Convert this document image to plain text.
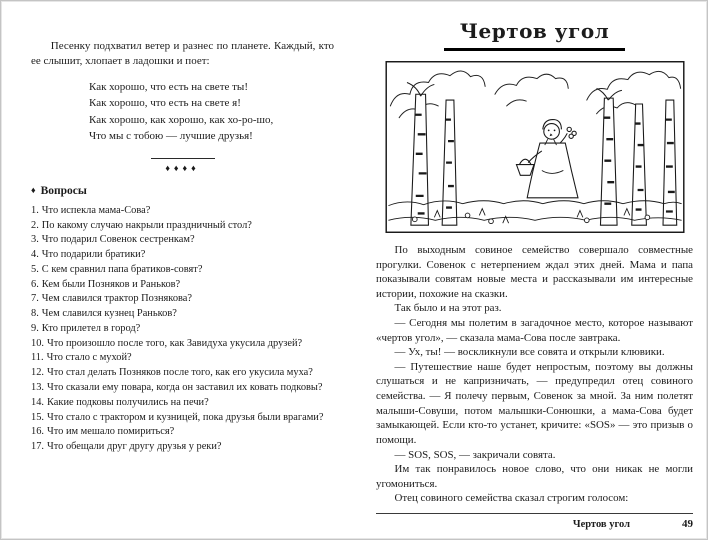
Песенку подхватил ветер и разнес по планете. Каждый, кто ее слышит, хлопает в ладошки и поет:

Как хорошо, что есть на свете ты!
Как хорошо, что есть на свете я!
Как хорошо, как хорошо, как хо-ро-шо,
Что мы с тобою — лучшие друзья!
♦♦♦♦
♦ Вопросы

1. Что испекла мама-Сова?

2. По какому случаю накрыли праздничный стол?

3. Что подарил Совенок сестренкам?

4. Что подарили братики?

5. С кем сравнил папа братиков-совят?

6. Кем были Позняков и Раньков?

7. Чем славился трактор Познякова?

8. Чем славился кузнец Раньков?

9. Кто прилетел в город?

10. Что произошло после того, как Завидуха укусила друзей?

11. Что стало с мухой?

12. Что стал делать Позняков после того, как его укусила муха?

13. Что сказали ему повара, когда он заставил их ковать подковы?

14. Какие подковы получились на печи?

15. Что стало с трактором и кузницей, пока друзья были врагами?

16. Что им мешало помириться?

17. Что обещали друг другу друзья у реки?

Чертов угол

По выходным совиное семейство совершало совместные прогулки. Совенок с нетерпением ждал этих дней. Мама и папа показывали совятам новые места и рассказывали им интересные истории, похожие на сказки.

Так было и на этот раз.

— Сегодня мы полетим в загадочное место, которое называют «чертов угол», — сказала мама-Сова после завтрака.

— Ух, ты! — воскликнули все совята и открыли клювики.

— Путешествие наше будет непростым, поэтому вы должны слушаться и не капризничать, — предупредил отец совиного семейства. — Я полечу первым, Совенок за мной. За ним полетят малыши-Совуши, потом малышки-Сонюшки, а мама-Сова будет замыкающей. Если кто-то устанет, кричите: «SOS» — это призыв о помощи.

— SOS, SOS, — закричали совята.

Им так понравилось новое слово, что они никак не могли угомониться.

Отец совиного семейства сказал строгим голосом:

Чертов угол	49
